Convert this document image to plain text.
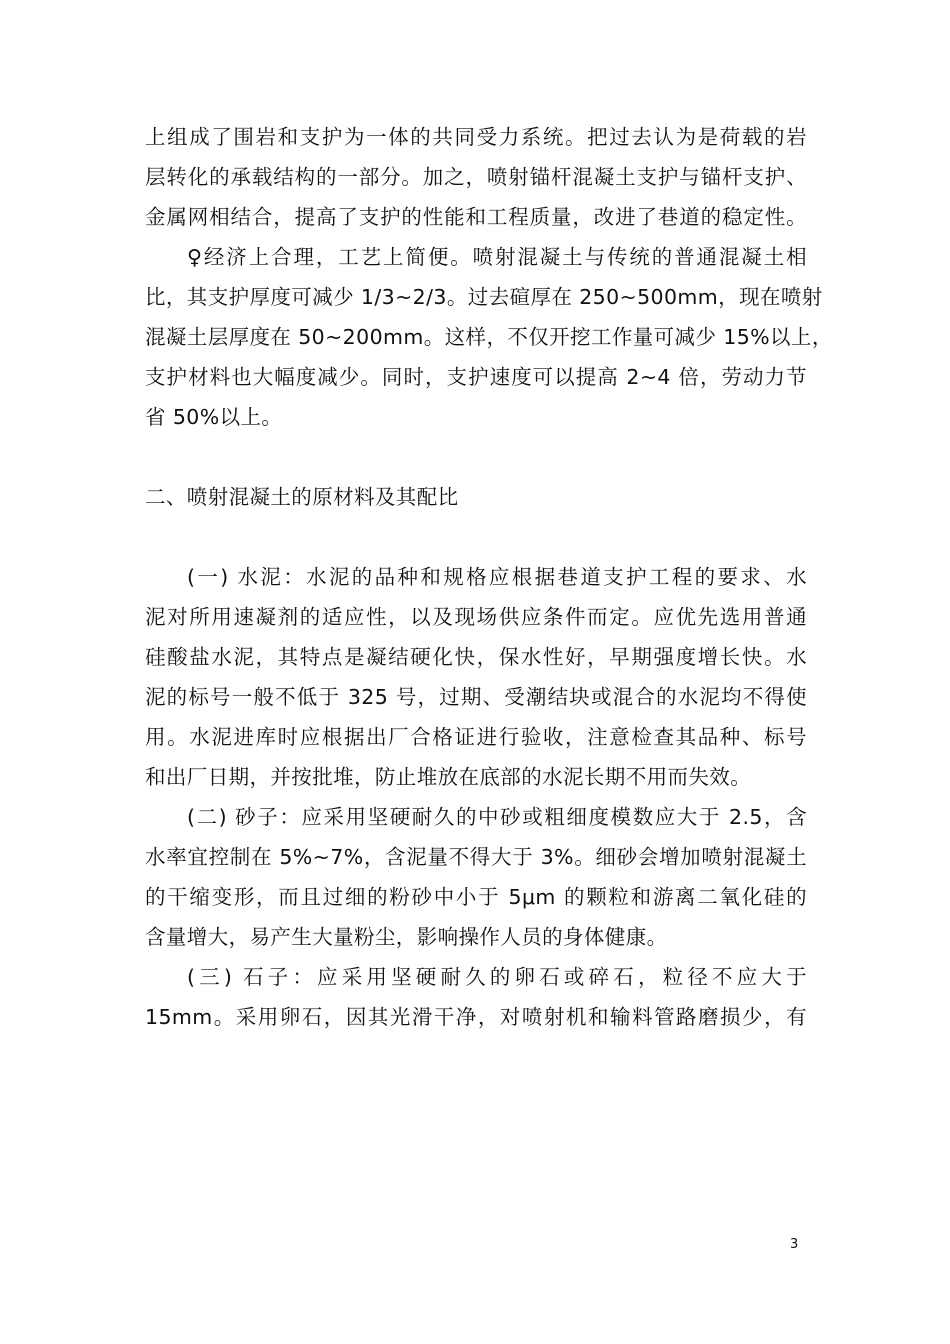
上组成了围岩和支护为一体的共同受力系统。把过去认为是荷载的岩
层转化的承载结构的一部分。加之，喷射锚杆混凝土支护与锚杆支护、
金属网相结合，提高了支护的性能和工程质量，改进了巷道的稳定性。
♀经济上合理，工艺上简便。喷射混凝土与传统的普通混凝土相
比，其支护厚度可减少 1/3~2/3。过去碹厚在 250~500mm，现在喷射
混凝土层厚度在 50~200mm。这样，不仅开挖工作量可减少 15%以上，
支护材料也大幅度减少。同时，支护速度可以提高 2~4 倍，劳动力节
省 50%以上。
二、喷射混凝土的原材料及其配比
(一) 水泥：水泥的品种和规格应根据巷道支护工程的要求、水
泥对所用速凝剂的适应性，以及现场供应条件而定。应优先选用普通
硅酸盐水泥，其特点是凝结硬化快，保水性好，早期强度增长快。水
泥的标号一般不低于 325 号，过期、受潮结块或混合的水泥均不得使
用。水泥进库时应根据出厂合格证进行验收，注意检查其品种、标号
和出厂日期，并按批堆，防止堆放在底部的水泥长期不用而失效。
(二) 砂子：应采用坚硬耐久的中砂或粗细度模数应大于 2.5，含
水率宜控制在 5%~7%，含泥量不得大于 3%。细砂会增加喷射混凝土
的干缩变形，而且过细的粉砂中小于 5μm 的颗粒和游离二氧化硅的
含量增大，易产生大量粉尘，影响操作人员的身体健康。
(三) 石子：应采用坚硬耐久的卵石或碎石，粒径不应大于
15mm。采用卵石，因其光滑干净，对喷射机和输料管路磨损少，有
3
